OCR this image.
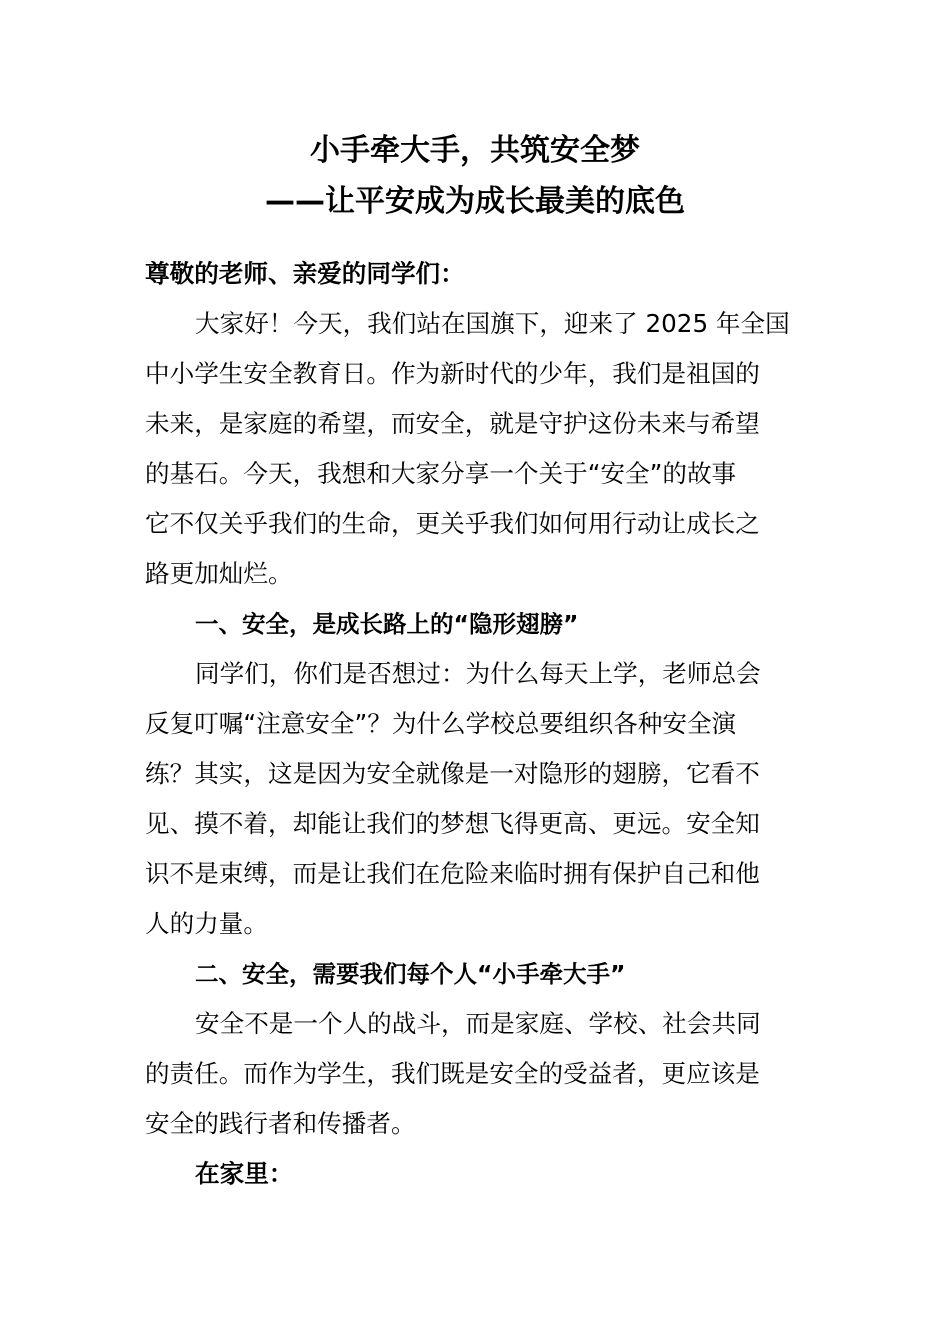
小手牵大手，共筑安全梦
——让平安成为成长最美的底色
尊敬的老师、亲爱的同学们：
大家好！今天，我们站在国旗下，迎来了 2025 年全国
中小学生安全教育日。作为新时代的少年，我们是祖国的
未来，是家庭的希望，而安全，就是守护这份未来与希望
的基石。今天，我想和大家分享一个关于“安全”的故事
它不仅关乎我们的生命，更关乎我们如何用行动让成长之
路更加灿烂。
一、安全，是成长路上的“隐形翅膀”
同学们，你们是否想过：为什么每天上学，老师总会
反复叮嘱“注意安全”？为什么学校总要组织各种安全演
练？其实，这是因为安全就像是一对隐形的翅膀，它看不
见、摸不着，却能让我们的梦想飞得更高、更远。安全知
识不是束缚，而是让我们在危险来临时拥有保护自己和他
人的力量。
二、安全，需要我们每个人“小手牵大手”
安全不是一个人的战斗，而是家庭、学校、社会共同
的责任。而作为学生，我们既是安全的受益者，更应该是
安全的践行者和传播者。
在家里：
